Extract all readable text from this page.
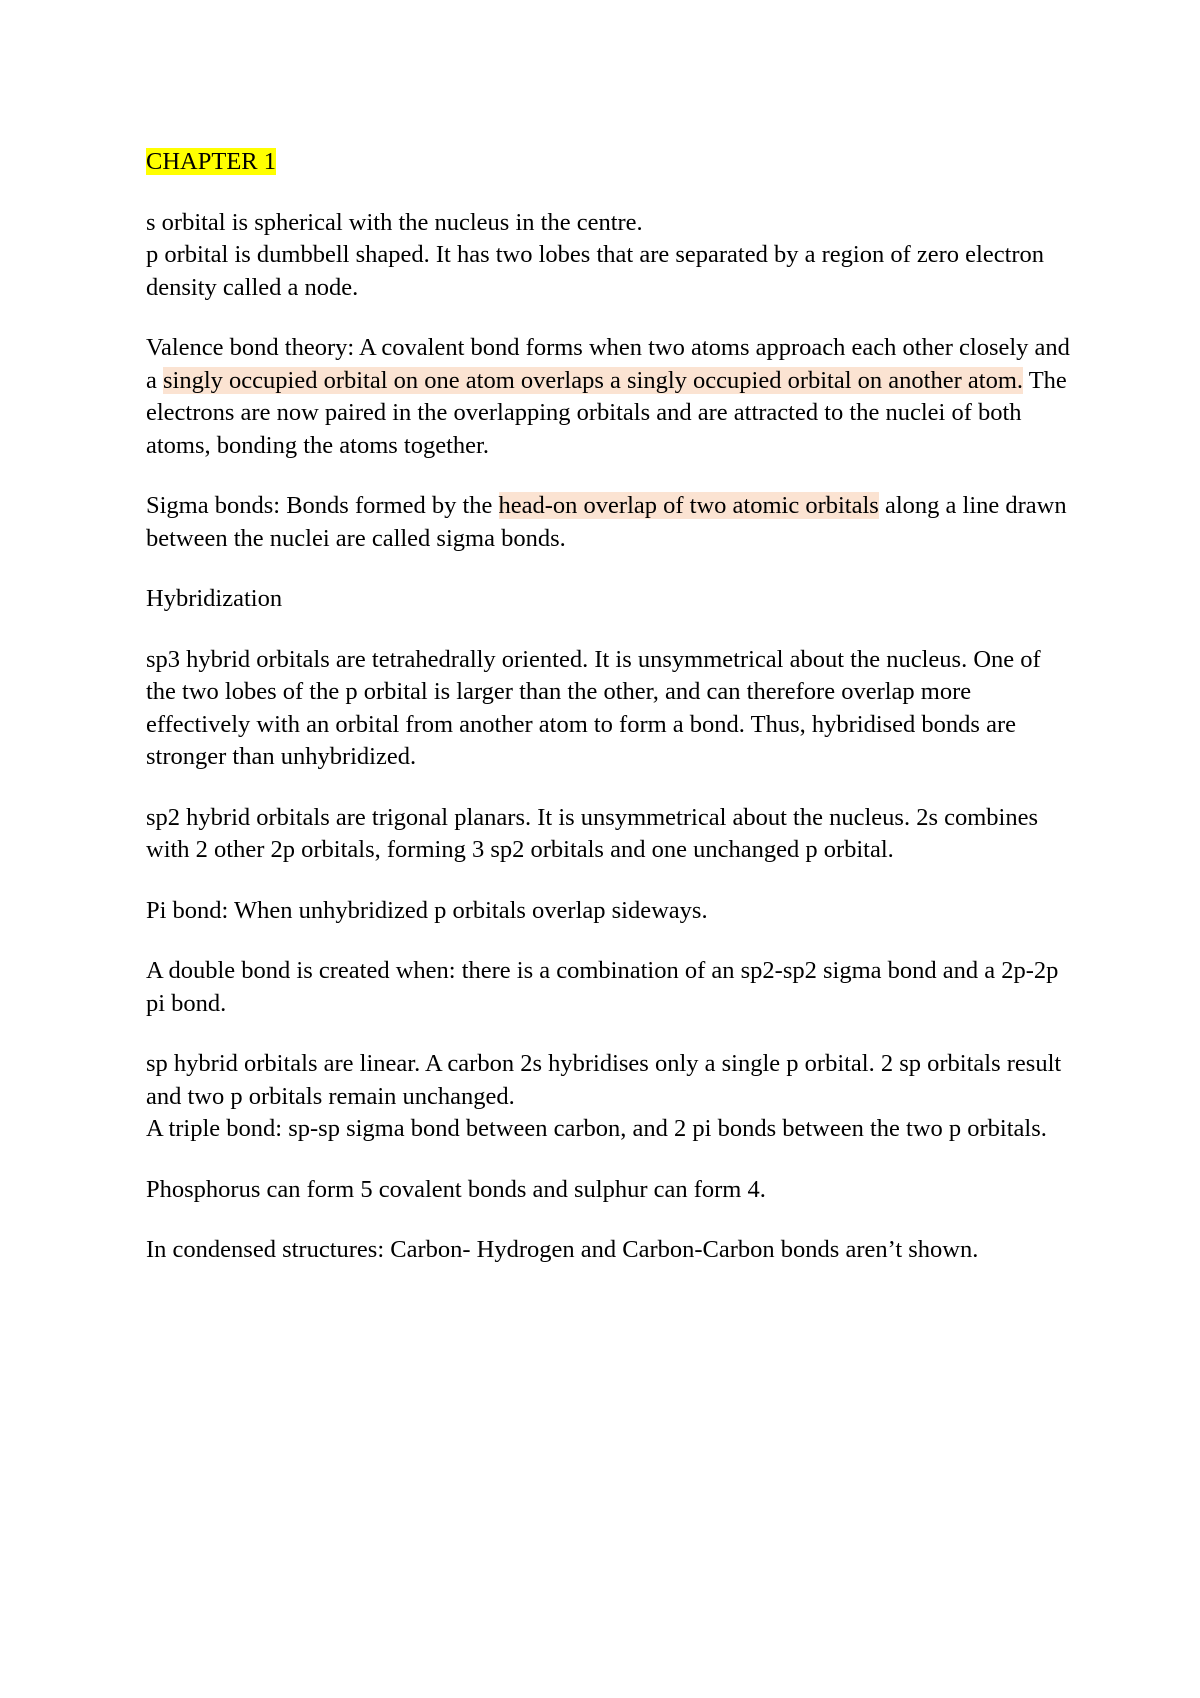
CHAPTER 1

s orbital is spherical with the nucleus in the centre.
p orbital is dumbbell shaped. It has two lobes that are separated by a region of zero electron density called a node.

Valence bond theory: A covalent bond forms when two atoms approach each other closely and a singly occupied orbital on one atom overlaps a singly occupied orbital on another atom. The electrons are now paired in the overlapping orbitals and are attracted to the nuclei of both atoms, bonding the atoms together.

Sigma bonds: Bonds formed by the head-on overlap of two atomic orbitals along a line drawn between the nuclei are called sigma bonds.

Hybridization

sp3 hybrid orbitals are tetrahedrally oriented. It is unsymmetrical about the nucleus. One of the two lobes of the p orbital is larger than the other, and can therefore overlap more effectively with an orbital from another atom to form a bond. Thus, hybridised bonds are stronger than unhybridized.

sp2 hybrid orbitals are trigonal planars. It is unsymmetrical about the nucleus. 2s combines with 2 other 2p orbitals, forming 3 sp2 orbitals and one unchanged p orbital.

Pi bond: When unhybridized p orbitals overlap sideways.

A double bond is created when: there is a combination of an sp2-sp2 sigma bond and a 2p-2p pi bond.

sp hybrid orbitals are linear. A carbon 2s hybridises only a single p orbital. 2 sp orbitals result and two p orbitals remain unchanged.
A triple bond: sp-sp sigma bond between carbon, and 2 pi bonds between the two p orbitals.

Phosphorus can form 5 covalent bonds and sulphur can form 4.

In condensed structures: Carbon- Hydrogen and Carbon-Carbon bonds aren’t shown.
